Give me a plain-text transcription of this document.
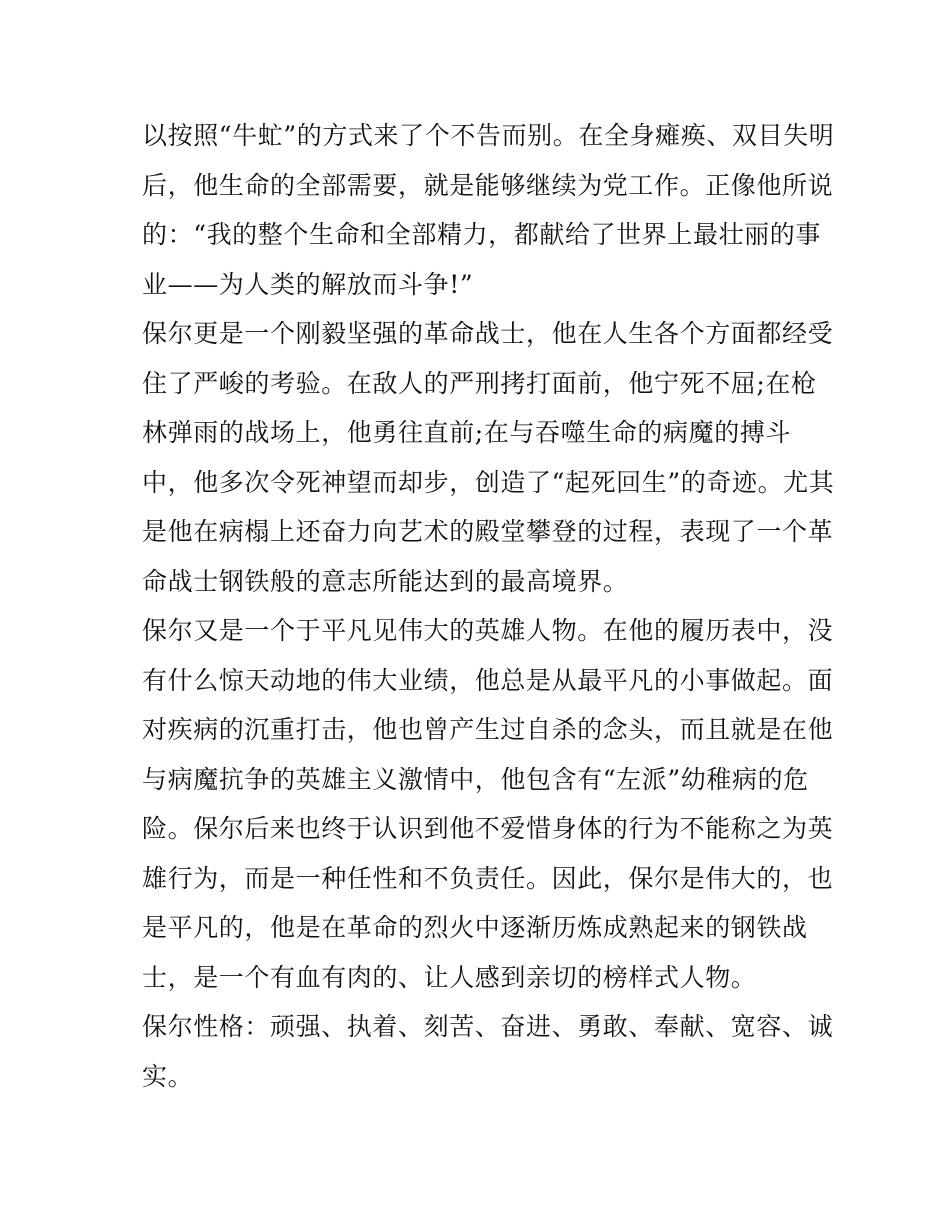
以按照“牛虻”的方式来了个不告而别。在全身瘫痪、双目失明
后，他生命的全部需要，就是能够继续为党工作。正像他所说
的：“我的整个生命和全部精力，都献给了世界上最壮丽的事
业——为人类的解放而斗争!”
保尔更是一个刚毅坚强的革命战士，他在人生各个方面都经受
住了严峻的考验。在敌人的严刑拷打面前，他宁死不屈;在枪
林弹雨的战场上，他勇往直前;在与吞噬生命的病魔的搏斗
中，他多次令死神望而却步，创造了“起死回生”的奇迹。尤其
是他在病榻上还奋力向艺术的殿堂攀登的过程，表现了一个革
命战士钢铁般的意志所能达到的最高境界。
保尔又是一个于平凡见伟大的英雄人物。在他的履历表中，没
有什么惊天动地的伟大业绩，他总是从最平凡的小事做起。面
对疾病的沉重打击，他也曾产生过自杀的念头，而且就是在他
与病魔抗争的英雄主义激情中，他包含有“左派”幼稚病的危
险。保尔后来也终于认识到他不爱惜身体的行为不能称之为英
雄行为，而是一种任性和不负责任。因此，保尔是伟大的，也
是平凡的，他是在革命的烈火中逐渐历炼成熟起来的钢铁战
士，是一个有血有肉的、让人感到亲切的榜样式人物。
保尔性格：顽强、执着、刻苦、奋进、勇敢、奉献、宽容、诚
实。
